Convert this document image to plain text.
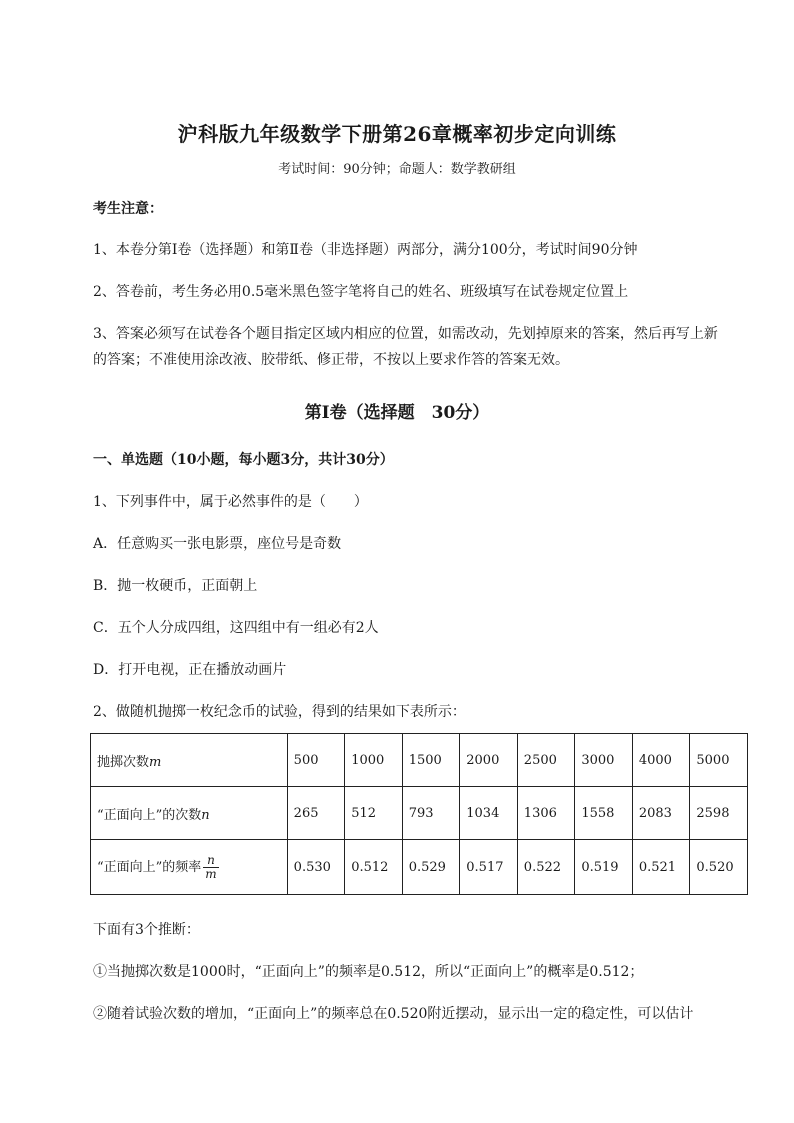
沪科版九年级数学下册第26章概率初步定向训练
考试时间：90分钟；命题人：数学教研组
考生注意：
1、本卷分第I卷（选择题）和第Ⅱ卷（非选择题）两部分，满分100分，考试时间90分钟
2、答卷前，考生务必用0.5毫米黑色签字笔将自己的姓名、班级填写在试卷规定位置上
3、答案必须写在试卷各个题目指定区域内相应的位置，如需改动，先划掉原来的答案，然后再写上新
的答案；不准使用涂改液、胶带纸、修正带，不按以上要求作答的答案无效。
第I卷（选择题　30分）
一、单选题（10小题，每小题3分，共计30分）
1、下列事件中，属于必然事件的是（　　）
A．任意购买一张电影票，座位号是奇数
B．抛一枚硬币，正面朝上
C．五个人分成四组，这四组中有一组必有2人
D．打开电视，正在播放动画片
2、做随机抛掷一枚纪念币的试验，得到的结果如下表所示：
抛掷次数m	500	1000	1500	2000	2500	3000	4000	5000
“正面向上”的次数n	265	512	793	1034	1306	1558	2083	2598
“正面向上”的频率 $\frac{n}{m}$	0.530	0.512	0.529	0.517	0.522	0.519	0.521	0.520
下面有3个推断：
①当抛掷次数是1000时，“正面向上”的频率是0.512，所以“正面向上”的概率是0.512；
②随着试验次数的增加，“正面向上”的频率总在0.520附近摆动，显示出一定的稳定性，可以估计
